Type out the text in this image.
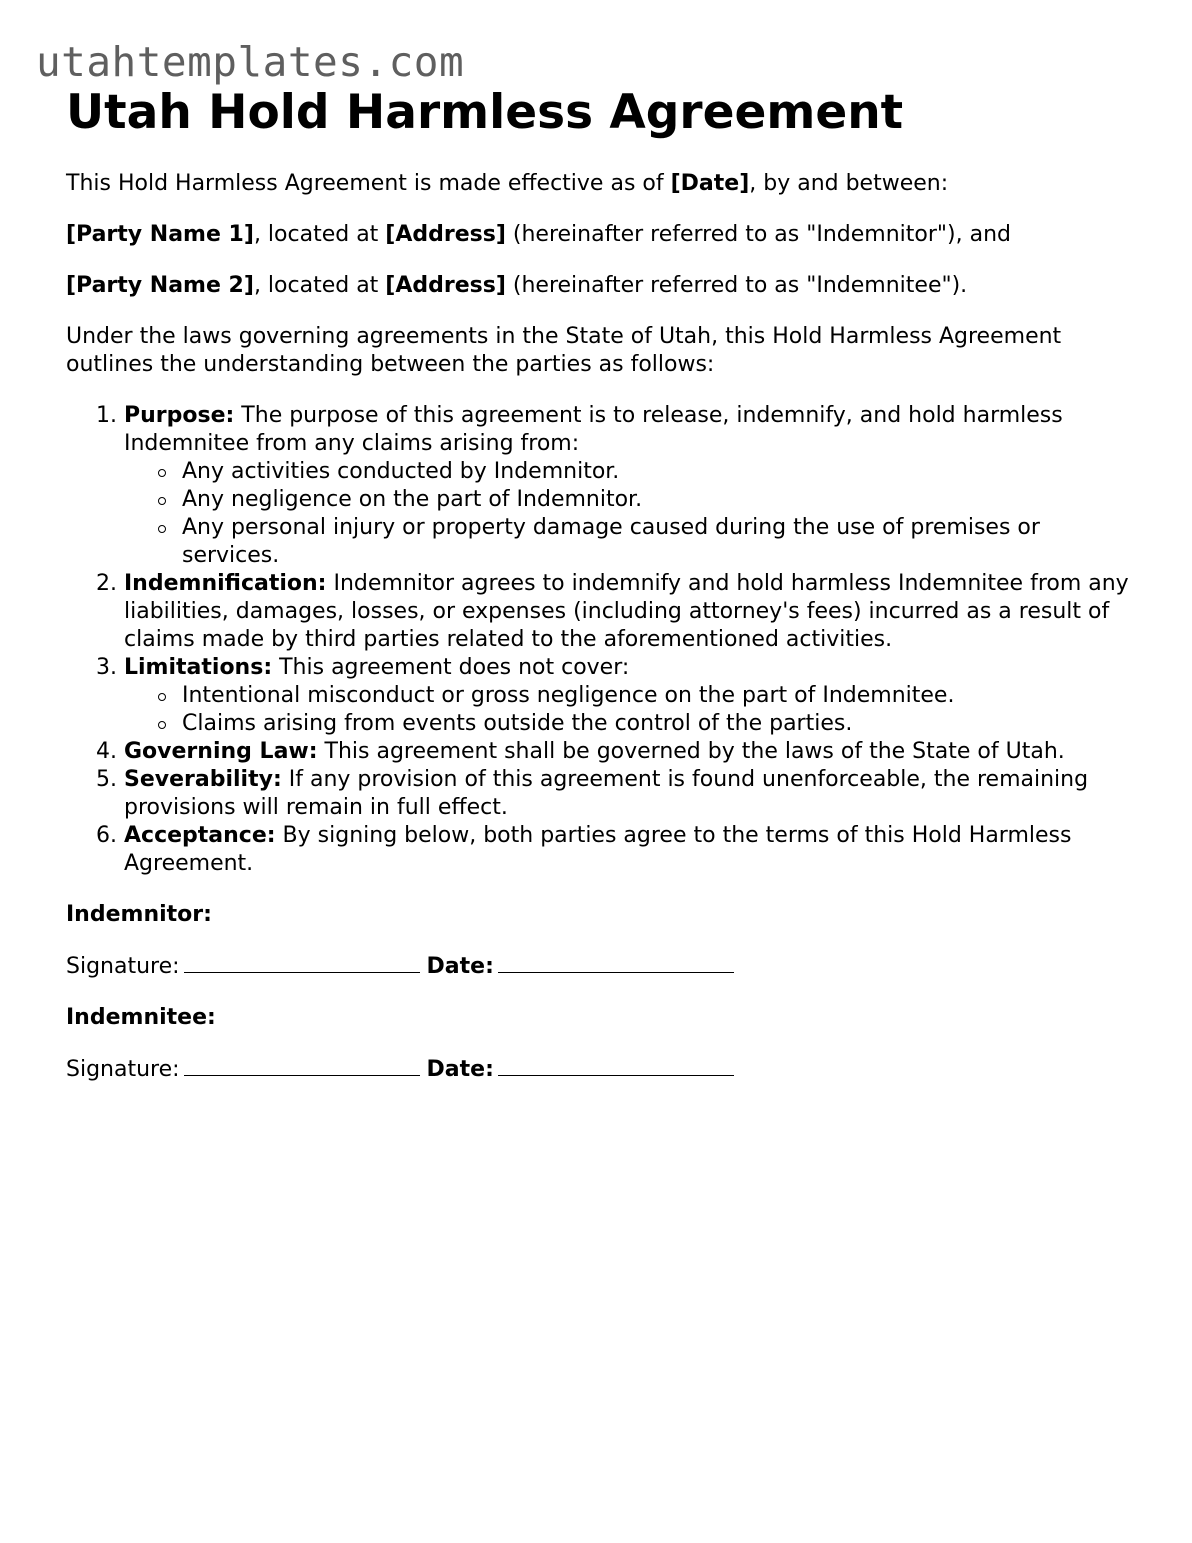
utahtemplates.com
Utah Hold Harmless Agreement

This Hold Harmless Agreement is made effective as of [Date], by and between:

[Party Name 1], located at [Address] (hereinafter referred to as "Indemnitor"), and

[Party Name 2], located at [Address] (hereinafter referred to as "Indemnitee").

Under the laws governing agreements in the State of Utah, this Hold Harmless Agreement outlines the understanding between the parties as follows:

1. Purpose: The purpose of this agreement is to release, indemnify, and hold harmless Indemnitee from any claims arising from:
Any activities conducted by Indemnitor.
Any negligence on the part of Indemnitor.
Any personal injury or property damage caused during the use of premises or services.
2. Indemnification: Indemnitor agrees to indemnify and hold harmless Indemnitee from any liabilities, damages, losses, or expenses (including attorney's fees) incurred as a result of claims made by third parties related to the aforementioned activities.
3. Limitations: This agreement does not cover:
Intentional misconduct or gross negligence on the part of Indemnitee.
Claims arising from events outside the control of the parties.
4. Governing Law: This agreement shall be governed by the laws of the State of Utah.
5. Severability: If any provision of this agreement is found unenforceable, the remaining provisions will remain in full effect.
6. Acceptance: By signing below, both parties agree to the terms of this Hold Harmless Agreement.

Indemnitor:

Signature:	Date:

Indemnitee:

Signature:	Date:
